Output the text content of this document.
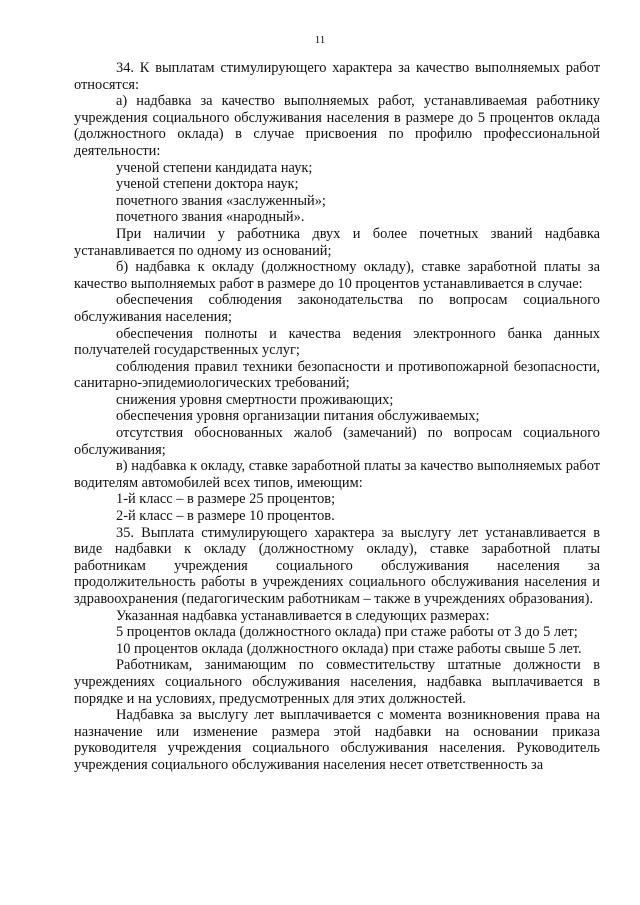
11

34. К выплатам стимулирующего характера за качество выполняемых работ относятся:

а) надбавка за качество выполняемых работ, устанавливаемая работнику учреждения социального обслуживания населения в размере до 5 процентов оклада (должностного оклада) в случае присвоения по профилю профессиональной деятельности:

ученой степени кандидата наук;

ученой степени доктора наук;

почетного звания «заслуженный»;

почетного звания «народный».

При наличии у работника двух и более почетных званий надбавка устанавливается по одному из оснований;

б) надбавка к окладу (должностному окладу), ставке заработной платы за качество выполняемых работ в размере до 10 процентов устанавливается в случае:

обеспечения соблюдения законодательства по вопросам социального обслуживания населения;

обеспечения полноты и качества ведения электронного банка данных получателей государственных услуг;

соблюдения правил техники безопасности и противопожарной безопасности, санитарно-эпидемиологических требований;

снижения уровня смертности проживающих;

обеспечения уровня организации питания обслуживаемых;

отсутствия обоснованных жалоб (замечаний) по вопросам социального обслуживания;

в) надбавка к окладу, ставке заработной платы за качество выполняемых работ водителям автомобилей всех типов, имеющим:

1-й класс – в размере 25 процентов;

2-й класс – в размере 10 процентов.

35. Выплата стимулирующего характера за выслугу лет устанавливается в виде надбавки к окладу (должностному окладу), ставке заработной платы работникам учреждения социального обслуживания населения за продолжительность работы в учреждениях социального обслуживания населения и здравоохранения (педагогическим работникам – также в учреждениях образования).

Указанная надбавка устанавливается в следующих размерах:

5 процентов оклада (должностного оклада) при стаже работы от 3 до 5 лет;

10 процентов оклада (должностного оклада) при стаже работы свыше 5 лет.

Работникам, занимающим по совместительству штатные должности в учреждениях социального обслуживания населения, надбавка выплачивается в порядке и на условиях, предусмотренных для этих должностей.

Надбавка за выслугу лет выплачивается с момента возникновения права на назначение или изменение размера этой надбавки на основании приказа руководителя учреждения социального обслуживания населения. Руководитель учреждения социального обслуживания населения несет ответственность за
